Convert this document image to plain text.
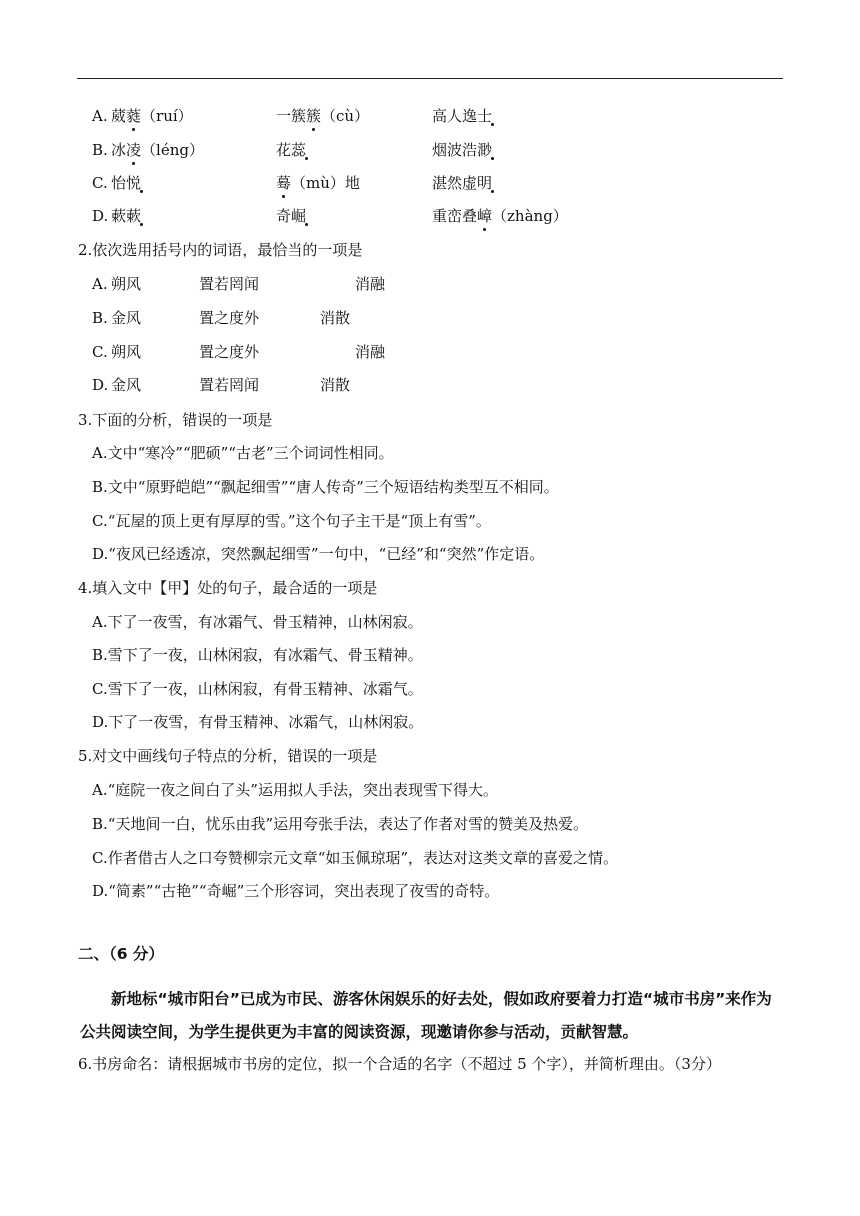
A. 葳蕤（ruí）	一簇簇（cù）	高人逸士
B. 冰凌（léng）	花蕊	烟波浩渺
C. 怡悦	蓦（mù）地	湛然虚明
D. 蔌蔌	奇崛	重峦叠嶂（zhàng）
2.依次选用括号内的词语，最恰当的一项是
A. 朔风	置若罔闻	消融
B. 金风	置之度外	消散
C. 朔风	置之度外	消融
D. 金风	置若罔闻	消散
3.下面的分析，错误的一项是
A.文中“寒冷”“肥硕”“古老”三个词词性相同。
B.文中“原野皑皑”“飘起细雪”“唐人传奇”三个短语结构类型互不相同。
C.“瓦屋的顶上更有厚厚的雪。”这个句子主干是“顶上有雪”。
D.“夜风已经透凉，突然飘起细雪”一句中，“已经”和“突然”作定语。
4.填入文中【甲】处的句子，最合适的一项是
A.下了一夜雪，有冰霜气、骨玉精神，山林闲寂。
B.雪下了一夜，山林闲寂，有冰霜气、骨玉精神。
C.雪下了一夜，山林闲寂，有骨玉精神、冰霜气。
D.下了一夜雪，有骨玉精神、冰霜气，山林闲寂。
5.对文中画线句子特点的分析，错误的一项是
A.“庭院一夜之间白了头”运用拟人手法，突出表现雪下得大。
B.“天地间一白，忧乐由我”运用夸张手法，表达了作者对雪的赞美及热爱。
C.作者借古人之口夸赞柳宗元文章“如玉佩琼琚”，表达对这类文章的喜爱之情。
D.“简素”“古艳”“奇崛”三个形容词，突出表现了夜雪的奇特。
二、（6 分）
新地标“城市阳台”已成为市民、游客休闲娱乐的好去处，假如政府要着力打造“城市书房”来作为公共阅读空间，为学生提供更为丰富的阅读资源，现邀请你参与活动，贡献智慧。
6.书房命名：请根据城市书房的定位，拟一个合适的名字（不超过 5 个字），并简析理由。（3分）
